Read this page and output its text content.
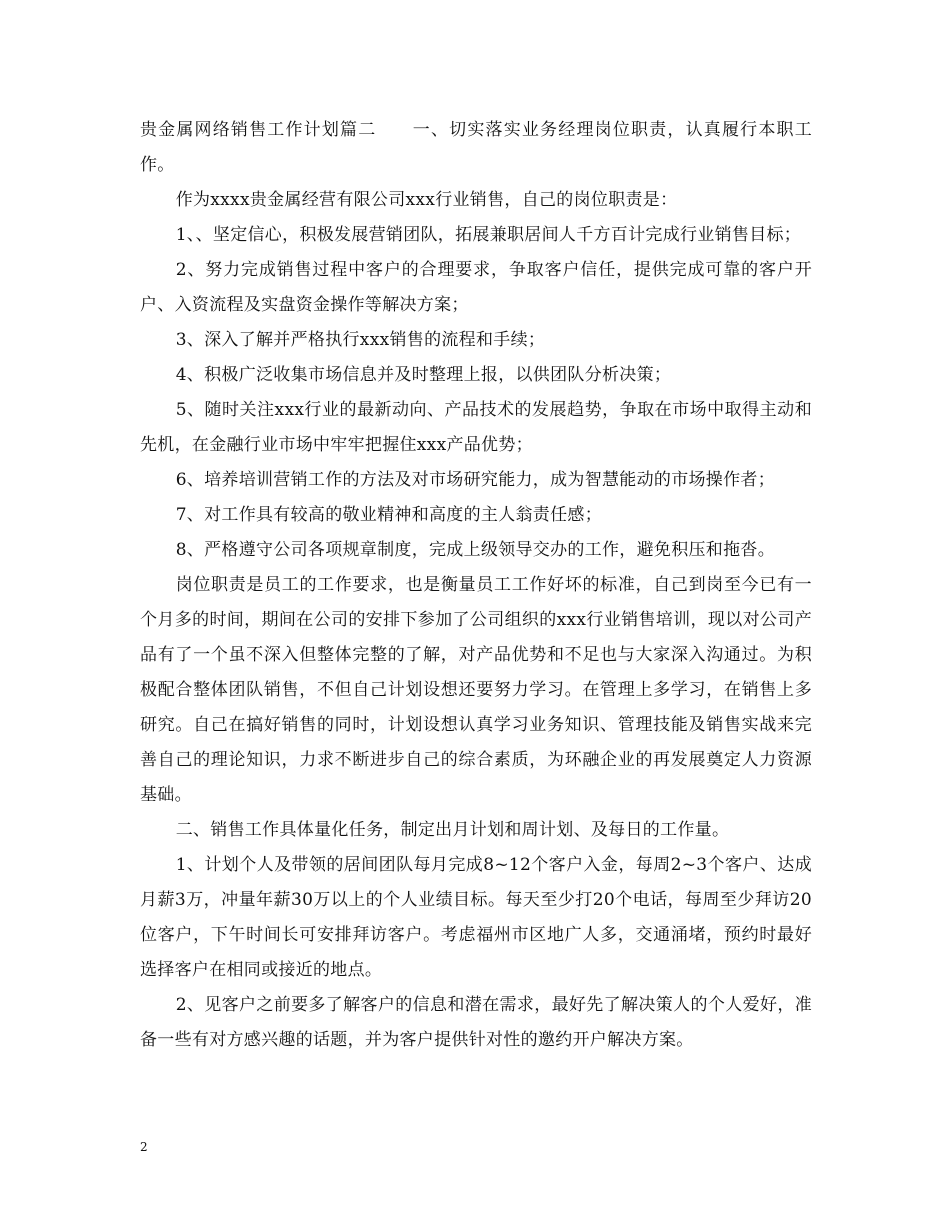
贵金属网络销售工作计划篇二　　一、切实落实业务经理岗位职责，认真履行本职工作。

作为xxxx贵金属经营有限公司xxx行业销售，自己的岗位职责是：

1、、坚定信心，积极发展营销团队，拓展兼职居间人千方百计完成行业销售目标；

2、努力完成销售过程中客户的合理要求，争取客户信任，提供完成可靠的客户开户、入资流程及实盘资金操作等解决方案；

3、深入了解并严格执行xxx销售的流程和手续；

4、积极广泛收集市场信息并及时整理上报，以供团队分析决策；

5、随时关注xxx行业的最新动向、产品技术的发展趋势，争取在市场中取得主动和先机，在金融行业市场中牢牢把握住xxx产品优势；

6、培养培训营销工作的方法及对市场研究能力，成为智慧能动的市场操作者；

7、对工作具有较高的敬业精神和高度的主人翁责任感；

8、严格遵守公司各项规章制度，完成上级领导交办的工作，避免积压和拖沓。

岗位职责是员工的工作要求，也是衡量员工工作好坏的标准，自己到岗至今已有一个月多的时间，期间在公司的安排下参加了公司组织的xxx行业销售培训，现以对公司产品有了一个虽不深入但整体完整的了解，对产品优势和不足也与大家深入沟通过。为积极配合整体团队销售，不但自己计划设想还要努力学习。在管理上多学习，在销售上多研究。自己在搞好销售的同时，计划设想认真学习业务知识、管理技能及销售实战来完善自己的理论知识，力求不断进步自己的综合素质，为环融企业的再发展奠定人力资源基础。

二、销售工作具体量化任务，制定出月计划和周计划、及每日的工作量。

1、计划个人及带领的居间团队每月完成8~12个客户入金，每周2~3个客户、达成月薪3万，冲量年薪30万以上的个人业绩目标。每天至少打20个电话，每周至少拜访20位客户，下午时间长可安排拜访客户。考虑福州市区地广人多，交通涌堵，预约时最好选择客户在相同或接近的地点。

2、见客户之前要多了解客户的信息和潜在需求，最好先了解决策人的个人爱好，准备一些有对方感兴趣的话题，并为客户提供针对性的邀约开户解决方案。

2
